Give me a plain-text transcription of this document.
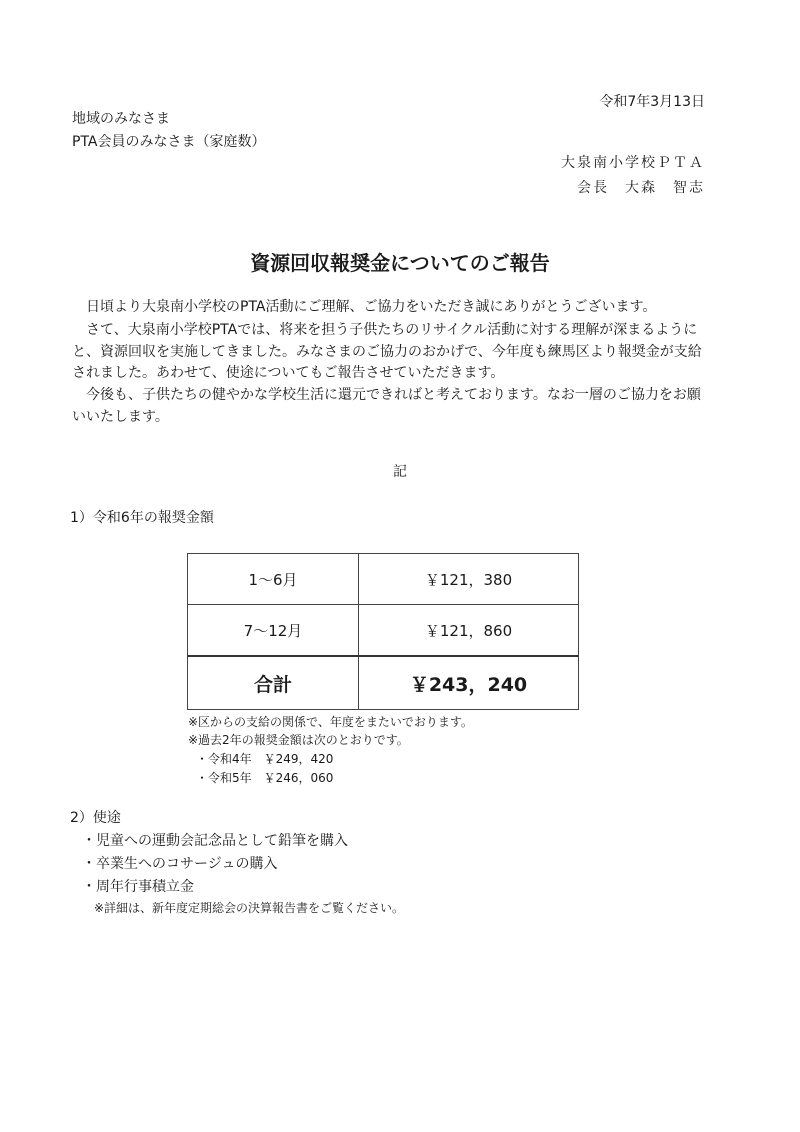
令和7年3月13日
地域のみなさま
PTA会員のみなさま（家庭数）
大泉南小学校ＰＴＡ
会長　大森　智志
資源回収報奨金についてのご報告
日頃より大泉南小学校のPTA活動にご理解、ご協力をいただき誠にありがとうございます。
さて、大泉南小学校PTAでは、将来を担う子供たちのリサイクル活動に対する理解が深まるようにと、資源回収を実施してきました。みなさまのご協力のおかげで、今年度も練馬区より報奨金が支給されました。あわせて、使途についてもご報告させていただきます。
今後も、子供たちの健やかな学校生活に還元できればと考えております。なお一層のご協力をお願いいたします。
記
1）令和6年の報奨金額
1～6月	￥121，380
7～12月	￥121，860
合計	￥243，240
※区からの支給の関係で、年度をまたいでおります。
※過去2年の報奨金額は次のとおりです。
・令和4年　￥249，420
・令和5年　￥246，060
2）使途
・児童への運動会記念品として鉛筆を購入
・卒業生へのコサージュの購入
・周年行事積立金
※詳細は、新年度定期総会の決算報告書をご覧ください。
